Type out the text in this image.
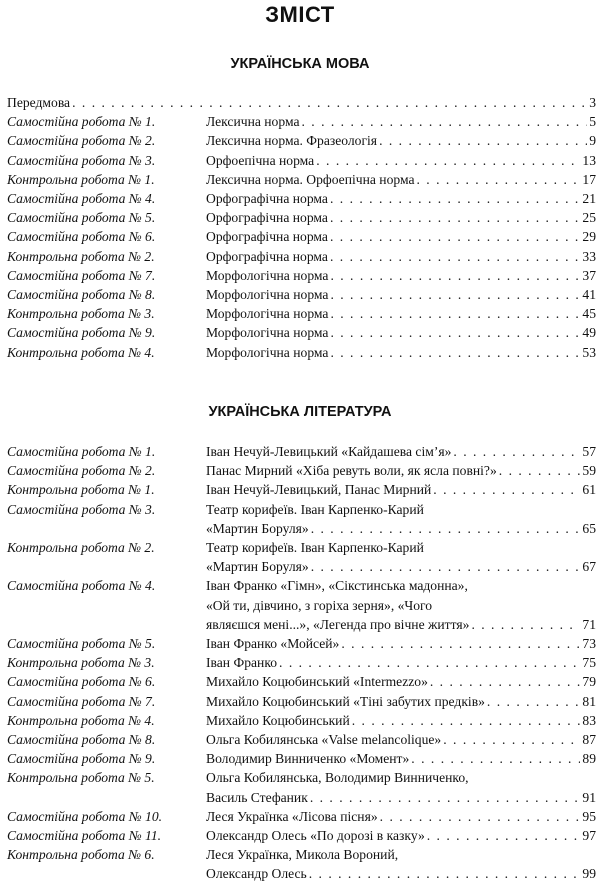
ЗМІСТ
УКРАЇНСЬКА МОВА
Передмова . . .	3
Самостійна робота № 1.	Лексична норма . . .	5
Самостійна робота № 2.	Лексична норма. Фразеологія . . .	9
Самостійна робота № 3.	Орфоепічна норма . . .	13
Контрольна робота № 1.	Лексична норма. Орфоепічна норма . . .	17
Самостійна робота № 4.	Орфографічна норма . . .	21
Самостійна робота № 5.	Орфографічна норма . . .	25
Самостійна робота № 6.	Орфографічна норма . . .	29
Контрольна робота № 2.	Орфографічна норма . . .	33
Самостійна робота № 7.	Морфологічна норма . . .	37
Самостійна робота № 8.	Морфологічна норма . . .	41
Контрольна робота № 3.	Морфологічна норма . . .	45
Самостійна робота № 9.	Морфологічна норма . . .	49
Контрольна робота № 4.	Морфологічна норма . . .	53
УКРАЇНСЬКА ЛІТЕРАТУРА
Самостійна робота № 1.	Іван Нечуй-Левицький «Кайдашева сім’я» . . .	57
Самостійна робота № 2.	Панас Мирний «Хіба ревуть воли, як ясла повні?» . . .	59
Контрольна робота № 1.	Іван Нечуй-Левицький, Панас Мирний . . .	61
Самостійна робота № 3.	Театр корифеїв. Іван Карпенко-Карий
«Мартин Боруля» . . .	65
Контрольна робота № 2.	Театр корифеїв. Іван Карпенко-Карий
«Мартин Боруля» . . .	67
Самостійна робота № 4.	Іван Франко «Гімн», «Сікстинська мадонна»,
«Ой ти, дівчино, з горіха зерня», «Чого
являєшся мені...», «Легенда про вічне життя» . . .	71
Самостійна робота № 5.	Іван Франко «Мойсей» . . .	73
Контрольна робота № 3.	Іван Франко . . .	75
Самостійна робота № 6.	Михайло Коцюбинський «Intermezzo» . . .	79
Самостійна робота № 7.	Михайло Коцюбинський «Тіні забутих предків» . . .	81
Контрольна робота № 4.	Михайло Коцюбинський . . .	83
Самостійна робота № 8.	Ольга Кобилянська «Valse melancolique» . . .	87
Самостійна робота № 9.	Володимир Винниченко «Момент» . . .	89
Контрольна робота № 5.	Ольга Кобилянська, Володимир Винниченко,
Василь Стефаник . . .	91
Самостійна робота № 10.	Леся Українка «Лісова пісня» . . .	95
Самостійна робота № 11.	Олександр Олесь «По дорозі в казку» . . .	97
Контрольна робота № 6.	Леся Українка, Микола Вороний,
Олександр Олесь . . .	99
